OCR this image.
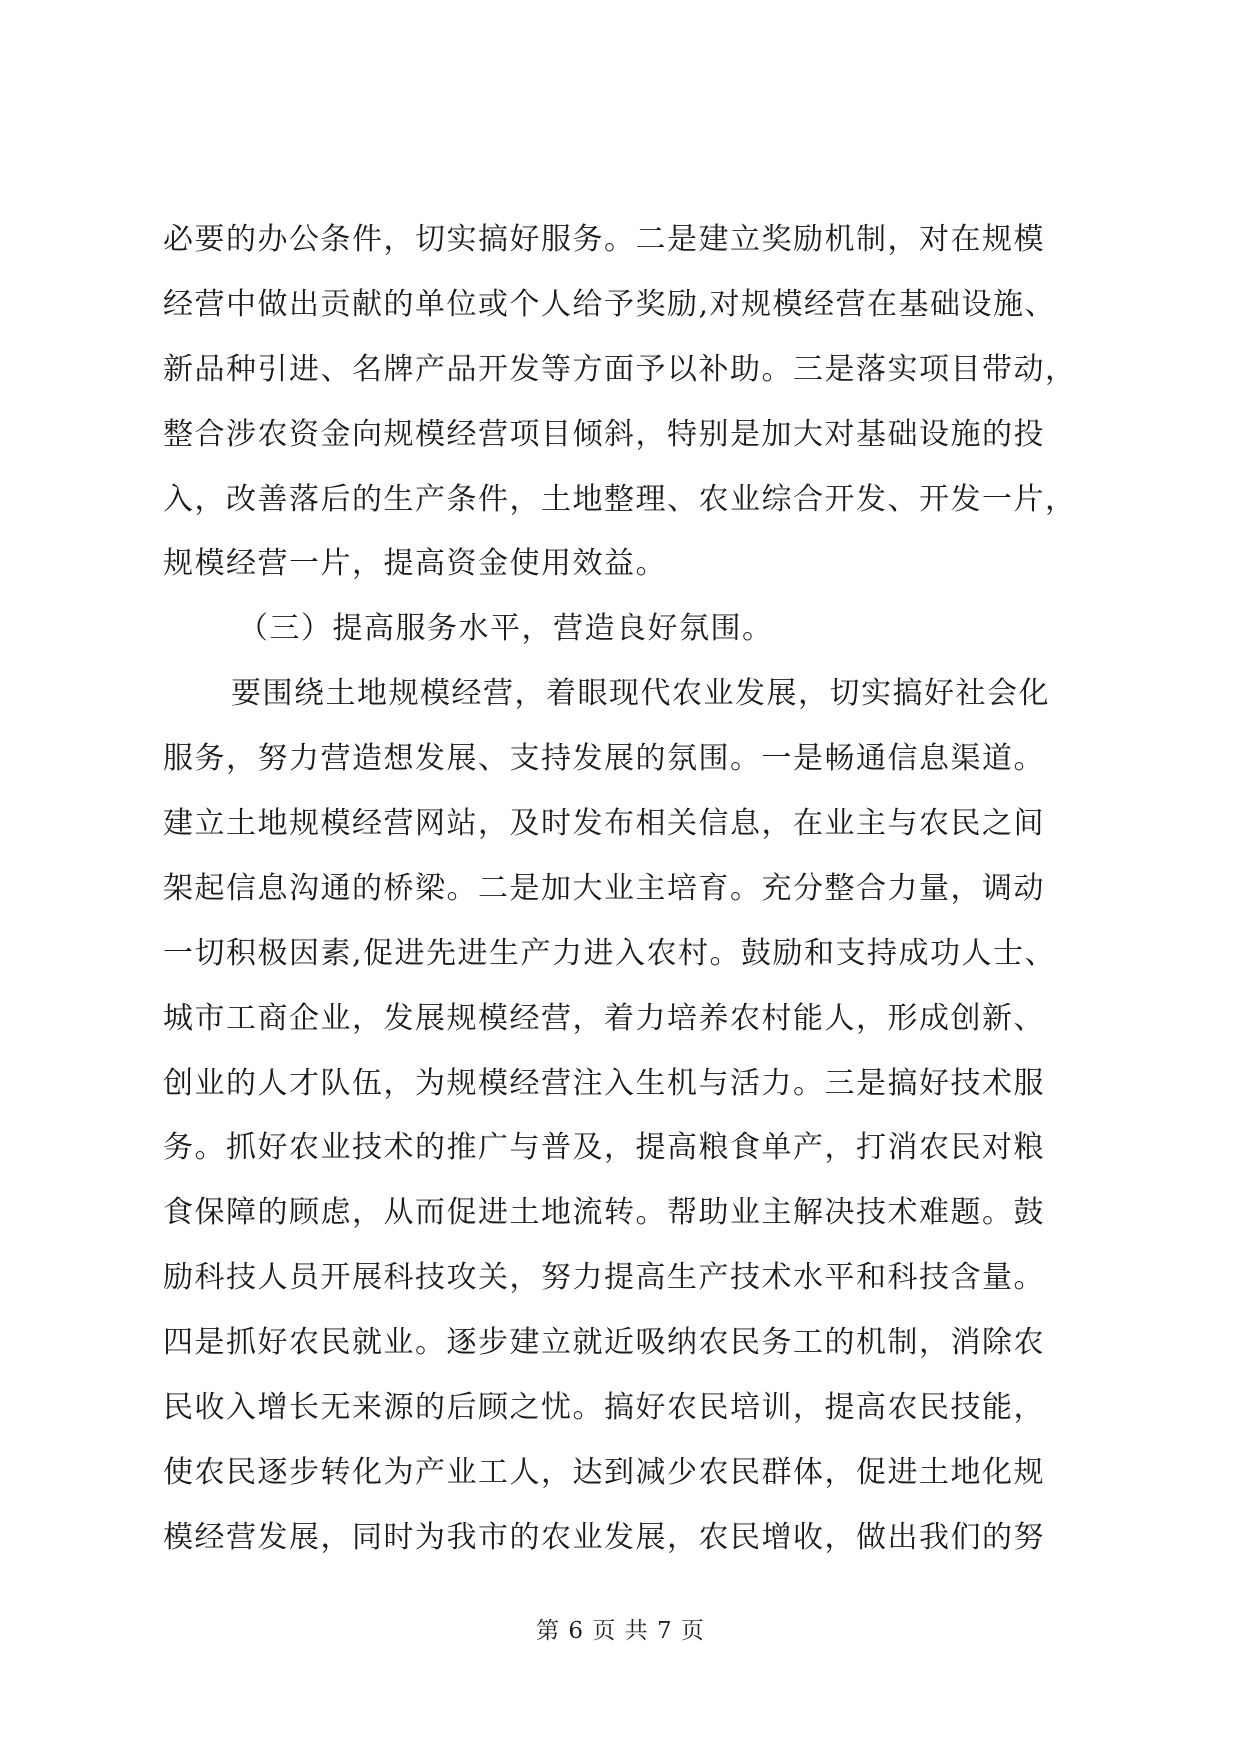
必要的办公条件，切实搞好服务。二是建立奖励机制，对在规模
经营中做出贡献的单位或个人给予奖励,对规模经营在基础设施、
新品种引进、名牌产品开发等方面予以补助。三是落实项目带动，
整合涉农资金向规模经营项目倾斜，特别是加大对基础设施的投
入，改善落后的生产条件，土地整理、农业综合开发、开发一片，
规模经营一片，提高资金使用效益。
（三）提高服务水平，营造良好氛围。
要围绕土地规模经营，着眼现代农业发展，切实搞好社会化
服务，努力营造想发展、支持发展的氛围。一是畅通信息渠道。
建立土地规模经营网站，及时发布相关信息，在业主与农民之间
架起信息沟通的桥梁。二是加大业主培育。充分整合力量，调动
一切积极因素,促进先进生产力进入农村。鼓励和支持成功人士、
城市工商企业，发展规模经营，着力培养农村能人，形成创新、
创业的人才队伍，为规模经营注入生机与活力。三是搞好技术服
务。抓好农业技术的推广与普及，提高粮食单产，打消农民对粮
食保障的顾虑，从而促进土地流转。帮助业主解决技术难题。鼓
励科技人员开展科技攻关，努力提高生产技术水平和科技含量。
四是抓好农民就业。逐步建立就近吸纳农民务工的机制，消除农
民收入增长无来源的后顾之忧。搞好农民培训，提高农民技能，
使农民逐步转化为产业工人，达到减少农民群体，促进土地化规
模经营发展，同时为我市的农业发展，农民增收，做出我们的努
第 6 页 共 7 页
